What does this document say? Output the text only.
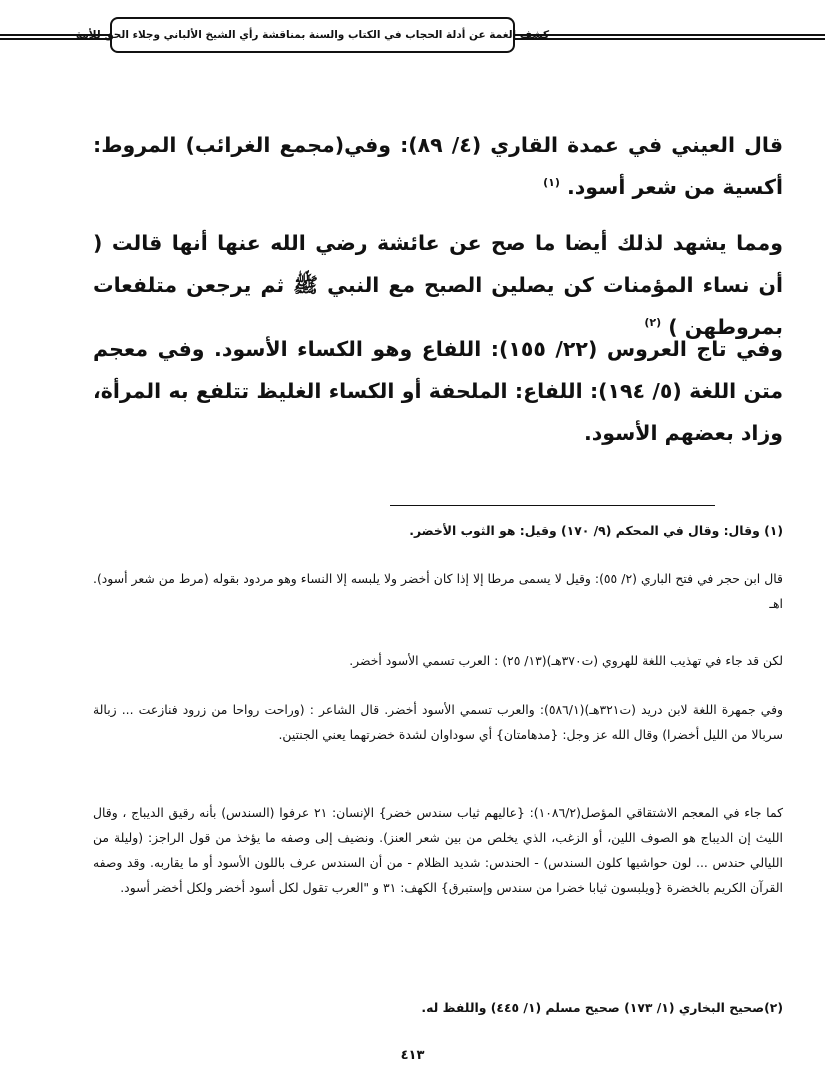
كشف الغمة عن أدلة الحجاب في الكتاب والسنة بمناقشة رأي الشيخ الألباني وجلاء الحق للأمة

قال العيني في عمدة القاري (٤/ ٨٩): وفي(مجمع الغرائب) المروط: أكسية من شعر أسود. $^{(١)}$

ومما يشهد لذلك أيضا ما صح عن عائشة رضي الله عنها أنها قالت ( أن نساء المؤمنات كن يصلين الصبح مع النبي ﷺ ثم يرجعن متلفعات بمروطهن ) $^{(٢)}$

وفي تاج العروس (٢٢/ ١٥٥): اللفاع وهو الكساء الأسود. وفي معجم متن اللغة (٥/ ١٩٤): اللفاع: الملحفة أو الكساء الغليظ تتلفع به المرأة، وزاد بعضهم الأسود.

(١) وقال: وقال في المحكم (٩/ ١٧٠) وقيل: هو الثوب الأخضر.

قال ابن حجر في فتح الباري (٢/ ٥٥): وقيل لا يسمى مرطا إلا إذا كان أخضر ولا يلبسه إلا النساء وهو مردود بقوله (مرط من شعر أسود). اهـ

لكن قد جاء في تهذيب اللغة للهروي (ت٣٧٠هـ)(١٣/ ٢٥) : العرب تسمي الأسود أخضر.

وفي جمهرة اللغة لابن دريد (ت٣٢١هـ)(٥٨٦/١): والعرب تسمي الأسود أخضر. قال الشاعر : (وراحت رواحا من زرود فنازعت ... زبالة سربالا من الليل أخضرا) وقال الله عز وجل: {مدهامتان} أي سوداوان لشدة خضرتهما يعني الجنتين.

كما جاء في المعجم الاشتقاقي المؤصل(١٠٨٦/٢): {عاليهم ثياب سندس خضر} الإنسان: ٢١ عرفوا (السندس) بأنه رقيق الديباج ، وقال الليث إن الديباج هو الصوف اللين، أو الزغب، الذي يخلص من بين شعر العنز). ونضيف إلى وصفه ما يؤخذ من قول الراجز: (وليلة من الليالي حندس ... لون حواشيها كلون السندس) - الحندس: شديد الظلام - من أن السندس عرف باللون الأسود أو ما يقاربه. وقد وصفه القرآن الكريم بالخضرة {ويلبسون ثيابا خضرا من سندس وإستبرق} الكهف: ٣١ و "العرب تقول لكل أسود أخضر ولكل أخضر أسود.

(٢)صحيح البخاري (١/ ١٧٣) صحيح مسلم (١/ ٤٤٥) واللفظ له.

٤١٣
